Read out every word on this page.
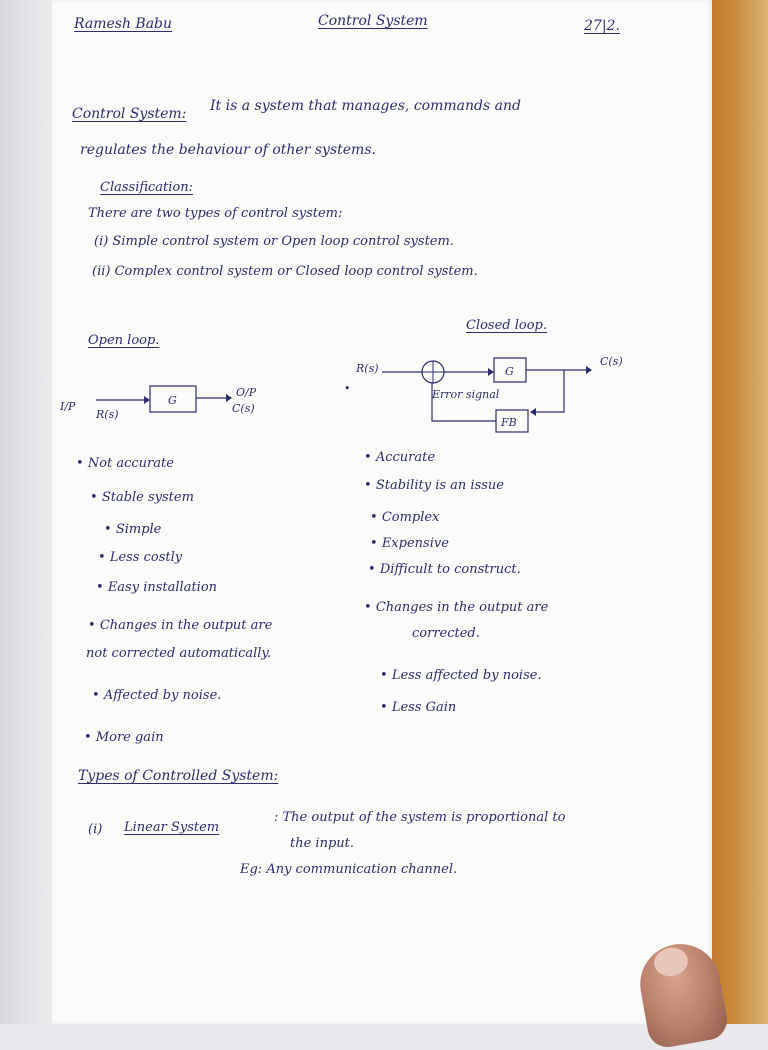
Ramesh Babu	Control System	27|2.
Control System: It is a system that manages, commands and
regulates the behaviour of other systems.
Classification:
There are two types of control system:
(i) Simple control system or Open loop control system.
(ii) Complex control system or Closed loop control system.
Open loop.
Closed loop.
I/P
R(s)
G
O/P
C(s)
R(s)	G
C(s)
Error signal
FB
•
• Not accurate
• Stable system
• Simple
• Less costly
• Easy installation
• Changes in the output are
not corrected automatically.
• Affected by noise.
• More gain
• Accurate
• Stability is an issue
• Complex
• Expensive
• Difficult to construct.
• Changes in the output are
corrected.
• Less affected by noise.
• Less Gain
Types of Controlled System:
(i) Linear System
: The output of the system is proportional to
the input.
Eg: Any communication channel.
